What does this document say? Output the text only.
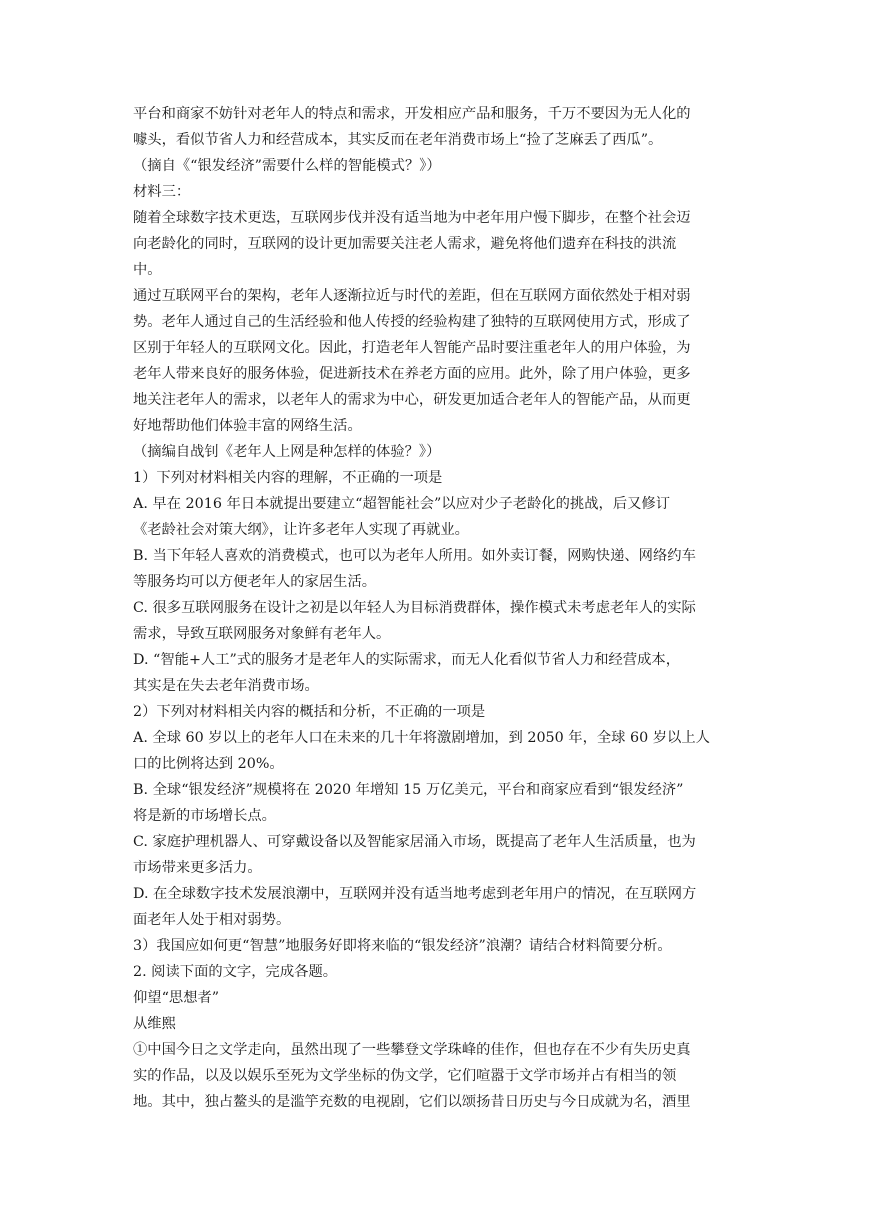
平台和商家不妨针对老年人的特点和需求，开发相应产品和服务，千万不要因为无人化的
噱头，看似节省人力和经营成本，其实反而在老年消费市场上“捡了芝麻丢了西瓜”。
（摘自《“银发经济”需要什么样的智能模式？》）
材料三：
随着全球数字技术更迭，互联网步伐并没有适当地为中老年用户慢下脚步，在整个社会迈
向老龄化的同时，互联网的设计更加需要关注老人需求，避免将他们遗弃在科技的洪流
中。
通过互联网平台的架构，老年人逐渐拉近与时代的差距，但在互联网方面依然处于相对弱
势。老年人通过自己的生活经验和他人传授的经验构建了独特的互联网使用方式，形成了
区别于年轻人的互联网文化。因此，打造老年人智能产品时要注重老年人的用户体验，为
老年人带来良好的服务体验，促进新技术在养老方面的应用。此外，除了用户体验，更多
地关注老年人的需求，以老年人的需求为中心，研发更加适合老年人的智能产品，从而更
好地帮助他们体验丰富的网络生活。
（摘编自战钊《老年人上网是种怎样的体验？》）
1）下列对材料相关内容的理解，不正确的一项是
A. 早在 2016 年日本就提出要建立“超智能社会”以应对少子老龄化的挑战，后又修订
《老龄社会对策大纲》，让许多老年人实现了再就业。
B. 当下年轻人喜欢的消费模式，也可以为老年人所用。如外卖订餐，网购快递、网络约车
等服务均可以方便老年人的家居生活。
C. 很多互联网服务在设计之初是以年轻人为目标消费群体，操作模式未考虑老年人的实际
需求，导致互联网服务对象鲜有老年人。
D. “智能+人工”式的服务才是老年人的实际需求，而无人化看似节省人力和经营成本，
其实是在失去老年消费市场。
2）下列对材料相关内容的概括和分析，不正确的一项是
A. 全球 60 岁以上的老年人口在未来的几十年将激剧增加，到 2050 年，全球 60 岁以上人
口的比例将达到 20%。
B. 全球“银发经济”规模将在 2020 年增知 15 万亿美元，平台和商家应看到“银发经济”
将是新的市场增长点。
C. 家庭护理机器人、可穿戴设备以及智能家居涌入市场，既提高了老年人生活质量，也为
市场带来更多活力。
D. 在全球数字技术发展浪潮中，互联网并没有适当地考虑到老年用户的情况，在互联网方
面老年人处于相对弱势。
3）我国应如何更“智慧”地服务好即将来临的“银发经济”浪潮？请结合材料简要分析。
2. 阅读下面的文字，完成各题。
仰望“思想者”
从维熙
①中国今日之文学走向，虽然出现了一些攀登文学珠峰的佳作，但也存在不少有失历史真
实的作品，以及以娱乐至死为文学坐标的伪文学，它们喧嚣于文学市场并占有相当的领
地。其中，独占鳌头的是滥竽充数的电视剧，它们以颂扬昔日历史与今日成就为名，酒里
